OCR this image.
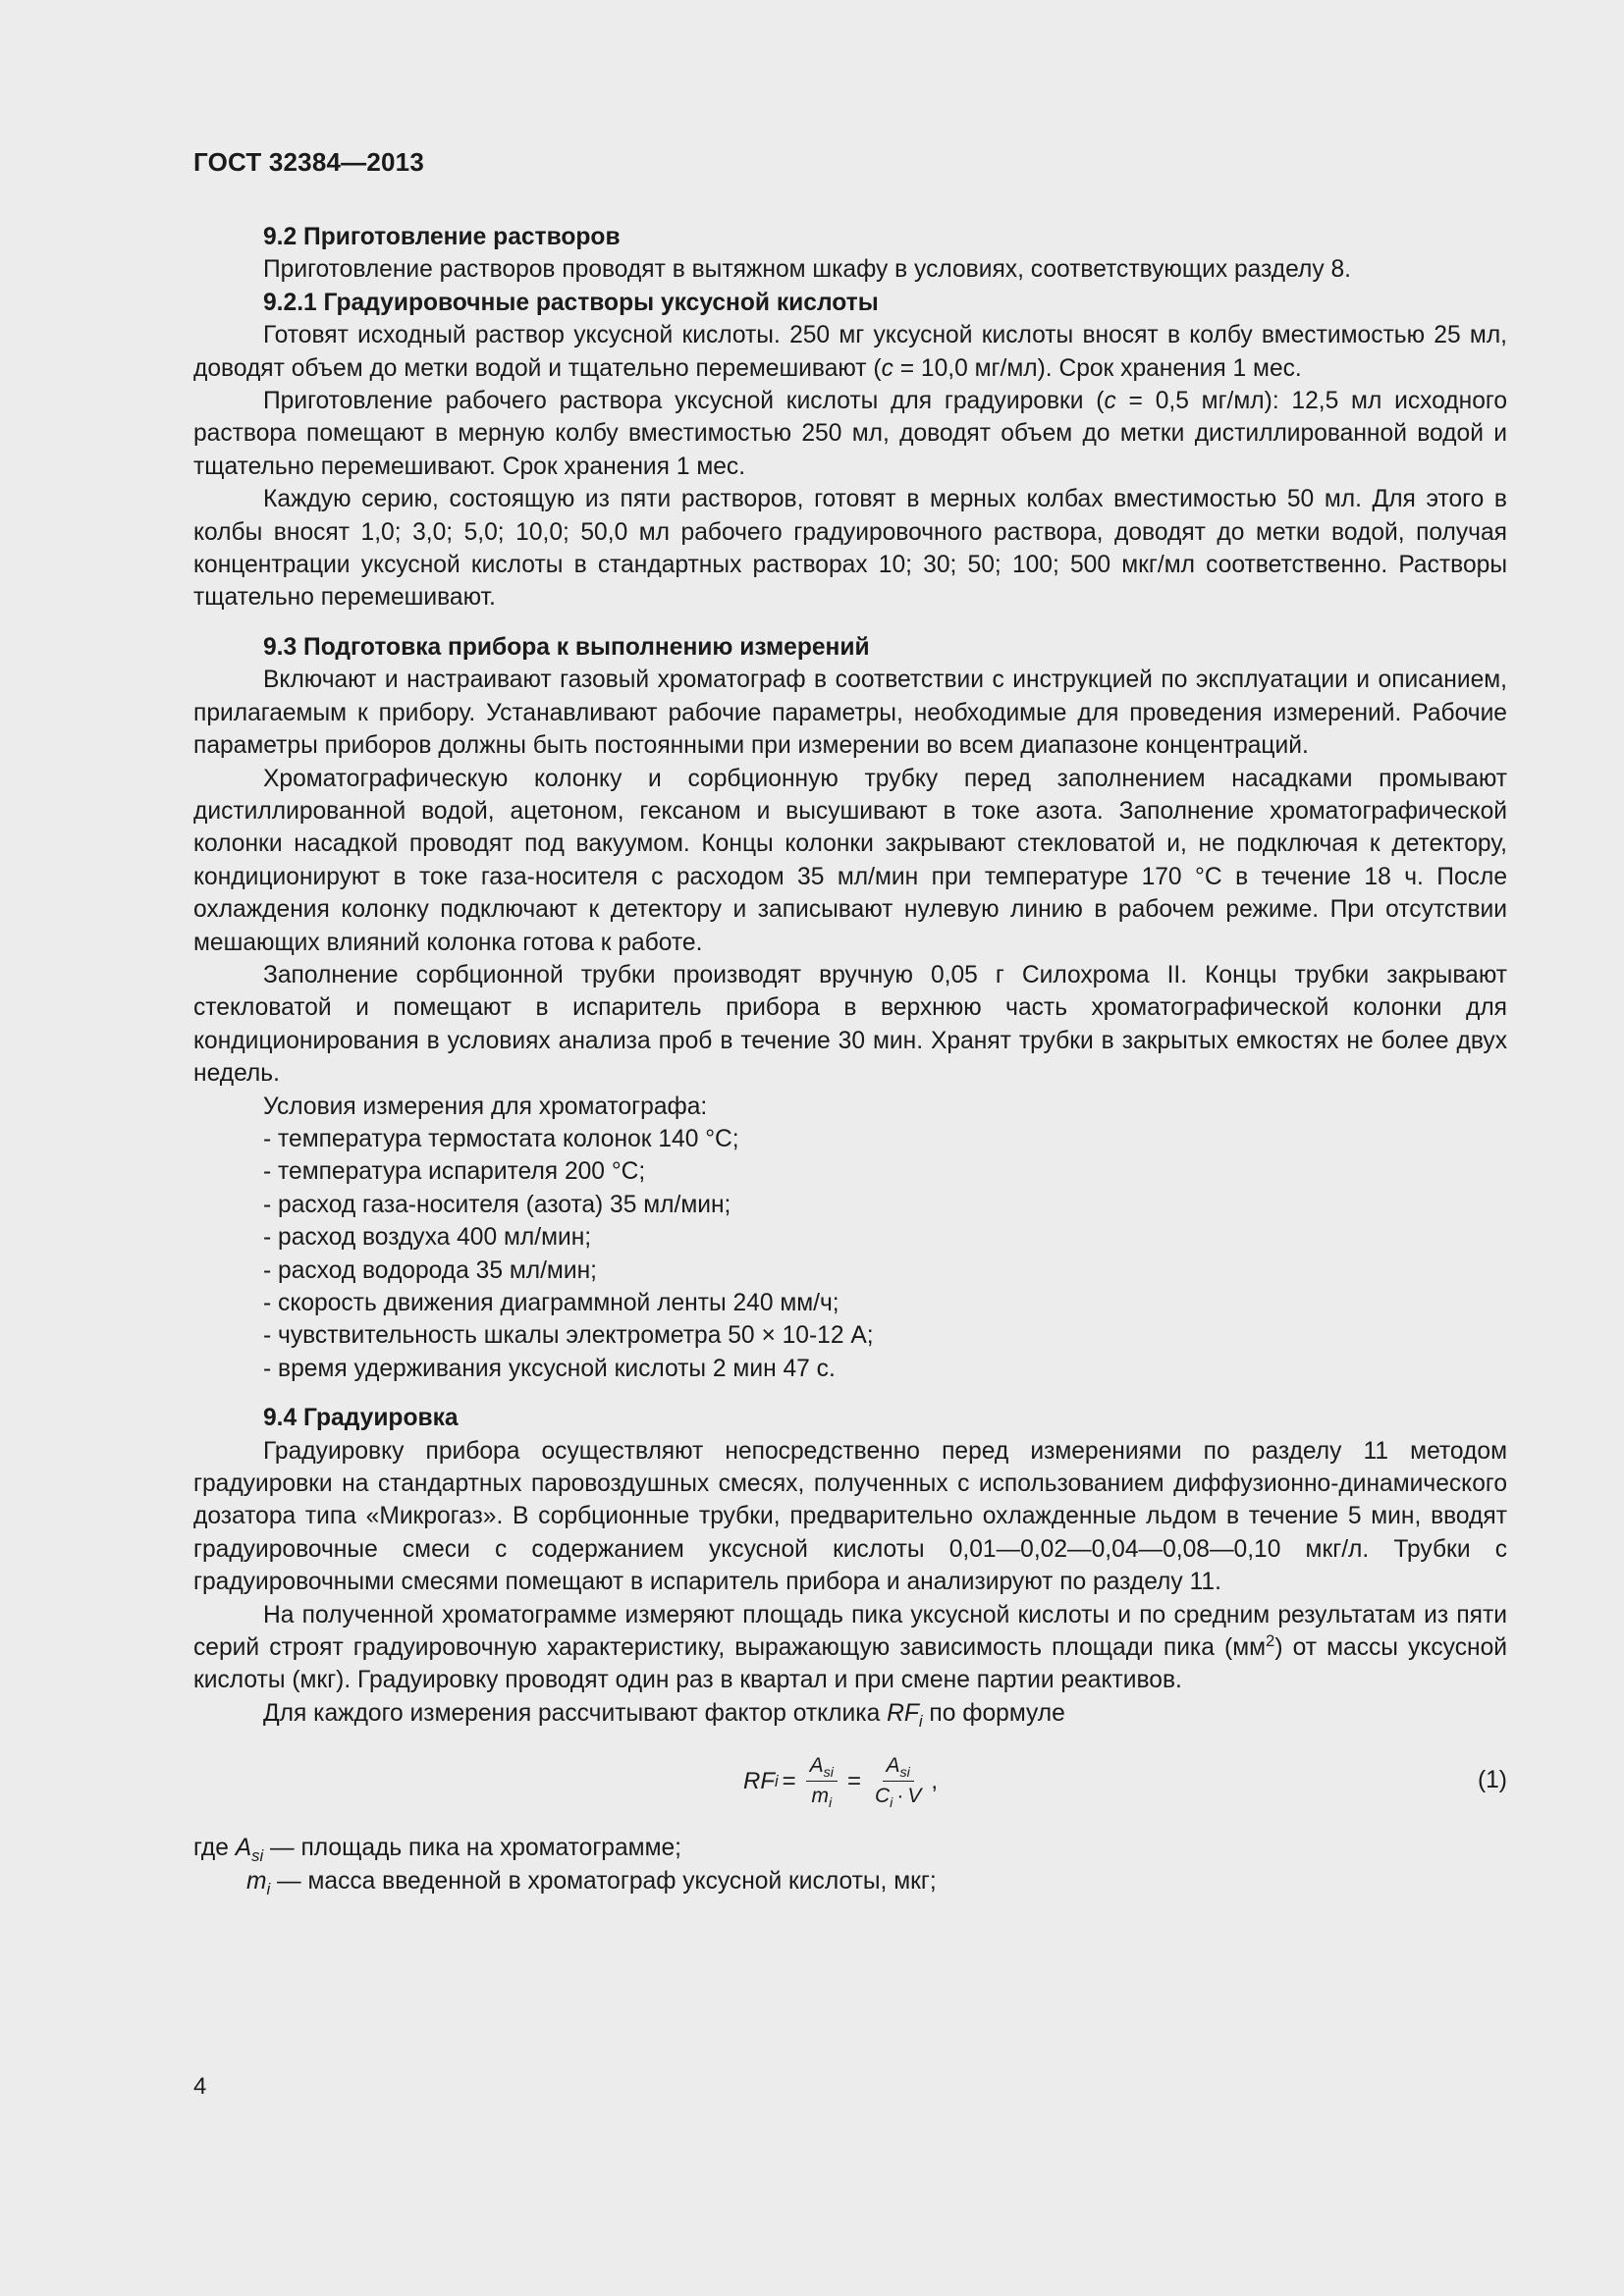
ГОСТ 32384—2013

9.2 Приготовление растворов

Приготовление растворов проводят в вытяжном шкафу в условиях, соответствующих разделу 8.

9.2.1 Градуировочные растворы уксусной кислоты

Готовят исходный раствор уксусной кислоты. 250 мг уксусной кислоты вносят в колбу вместимостью 25 мл, доводят объем до метки водой и тщательно перемешивают (c = 10,0 мг/мл). Срок хранения 1 мес.

Приготовление рабочего раствора уксусной кислоты для градуировки (c = 0,5 мг/мл): 12,5 мл исходного раствора помещают в мерную колбу вместимостью 250 мл, доводят объем до метки дистиллированной водой и тщательно перемешивают. Срок хранения 1 мес.

Каждую серию, состоящую из пяти растворов, готовят в мерных колбах вместимостью 50 мл. Для этого в колбы вносят 1,0; 3,0; 5,0; 10,0; 50,0 мл рабочего градуировочного раствора, доводят до метки водой, получая концентрации уксусной кислоты в стандартных растворах 10; 30; 50; 100; 500 мкг/мл соответственно. Растворы тщательно перемешивают.

9.3 Подготовка прибора к выполнению измерений

Включают и настраивают газовый хроматограф в соответствии с инструкцией по эксплуатации и описанием, прилагаемым к прибору. Устанавливают рабочие параметры, необходимые для проведения измерений. Рабочие параметры приборов должны быть постоянными при измерении во всем диапазоне концентраций.

Хроматографическую колонку и сорбционную трубку перед заполнением насадками промывают дистиллированной водой, ацетоном, гексаном и высушивают в токе азота. Заполнение хроматографической колонки насадкой проводят под вакуумом. Концы колонки закрывают стекловатой и, не подключая к детектору, кондиционируют в токе газа-носителя с расходом 35 мл/мин при температуре 170 °С в течение 18 ч. После охлаждения колонку подключают к детектору и записывают нулевую линию в рабочем режиме. При отсутствии мешающих влияний колонка готова к работе.

Заполнение сорбционной трубки производят вручную 0,05 г Силохрома II. Концы трубки закрывают стекловатой и помещают в испаритель прибора в верхнюю часть хроматографической колонки для кондиционирования в условиях анализа проб в течение 30 мин. Хранят трубки в закрытых емкостях не более двух недель.

Условия измерения для хроматографа:

- температура термостата колонок 140 °С;

- температура испарителя 200 °С;

- расход газа-носителя (азота) 35 мл/мин;

- расход воздуха 400 мл/мин;

- расход водорода 35 мл/мин;

- скорость движения диаграммной ленты 240 мм/ч;

- чувствительность шкалы электрометра 50 × 10-12 А;

- время удерживания уксусной кислоты 2 мин 47 с.

9.4 Градуировка

Градуировку прибора осуществляют непосредственно перед измерениями по разделу 11 методом градуировки на стандартных паровоздушных смесях, полученных с использованием диффузионно-динамического дозатора типа «Микрогаз». В сорбционные трубки, предварительно охлажденные льдом в течение 5 мин, вводят градуировочные смеси с содержанием уксусной кислоты 0,01—0,02—0,04—0,08—0,10 мкг/л. Трубки с градуировочными смесями помещают в испаритель прибора и анализируют по разделу 11.

На полученной хроматограмме измеряют площадь пика уксусной кислоты и по средним результатам из пяти серий строят градуировочную характеристику, выражающую зависимость площади пика $(мм^2)$ от массы уксусной кислоты (мкг). Градуировку проводят один раз в квартал и при смене партии реактивов.

Для каждого измерения рассчитывают фактор отклика $RF_i$ по формуле

RF $i = \frac{A_{si}}{m_i} = \frac{A_{si}}{C_i \cdot V}$ ,	(1)

где $A_{si}$ — площадь пика на хроматограмме;

$m_i$ — масса введенной в хроматограф уксусной кислоты, мкг;

4
